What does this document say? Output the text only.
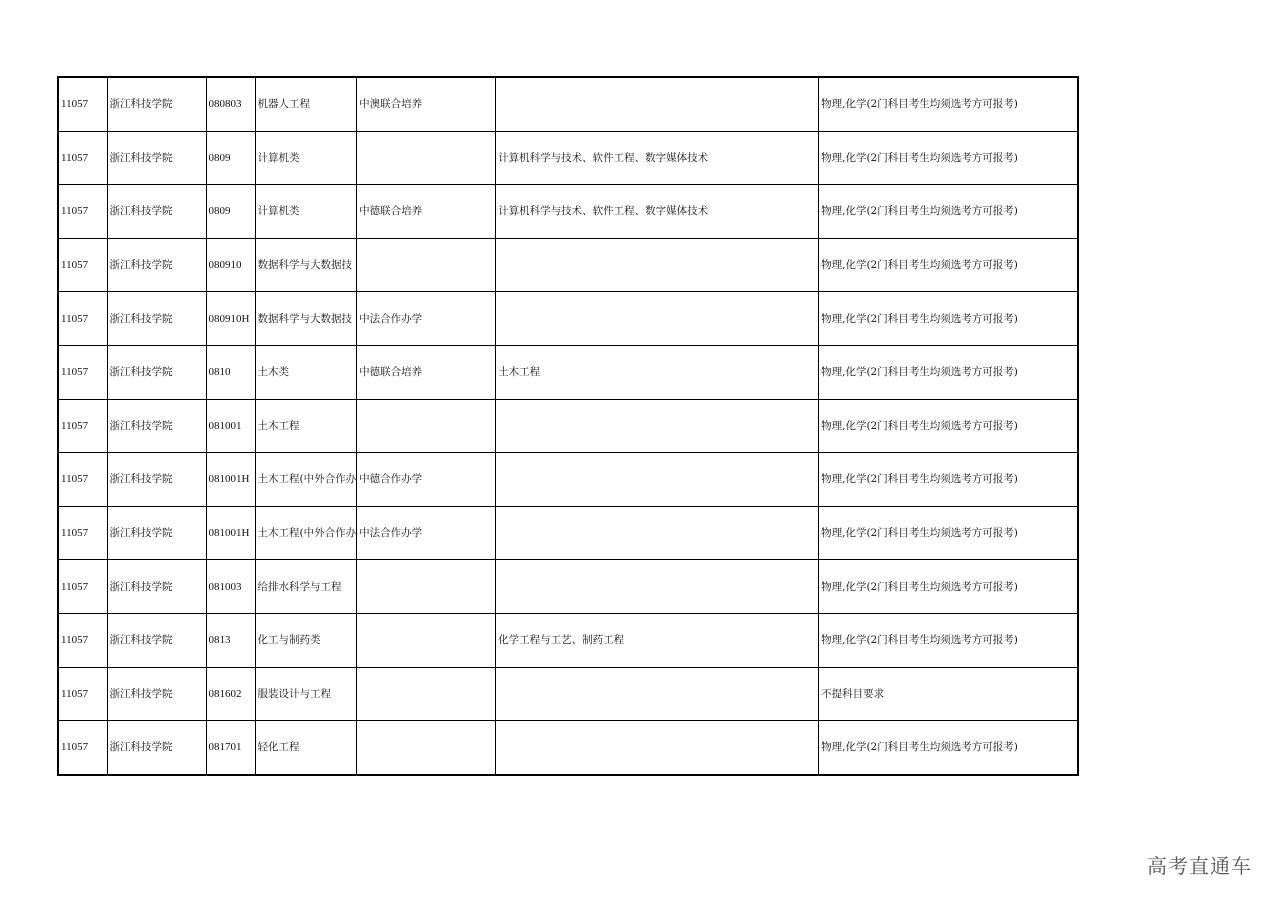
11057	浙江科技学院	080803	机器人工程	中澳联合培养		物理,化学(2门科目考生均须选考方可报考)
11057	浙江科技学院	0809	计算机类		计算机科学与技术、软件工程、数字媒体技术	物理,化学(2门科目考生均须选考方可报考)
11057	浙江科技学院	0809	计算机类	中德联合培养	计算机科学与技术、软件工程、数字媒体技术	物理,化学(2门科目考生均须选考方可报考)
11057	浙江科技学院	080910	数据科学与大数据技			物理,化学(2门科目考生均须选考方可报考)
11057	浙江科技学院	080910H	数据科学与大数据技	中法合作办学		物理,化学(2门科目考生均须选考方可报考)
11057	浙江科技学院	0810	土木类	中德联合培养	土木工程	物理,化学(2门科目考生均须选考方可报考)
11057	浙江科技学院	081001	土木工程			物理,化学(2门科目考生均须选考方可报考)
11057	浙江科技学院	081001H	土木工程(中外合作办	中德合作办学		物理,化学(2门科目考生均须选考方可报考)
11057	浙江科技学院	081001H	土木工程(中外合作办	中法合作办学		物理,化学(2门科目考生均须选考方可报考)
11057	浙江科技学院	081003	给排水科学与工程			物理,化学(2门科目考生均须选考方可报考)
11057	浙江科技学院	0813	化工与制药类		化学工程与工艺、制药工程	物理,化学(2门科目考生均须选考方可报考)
11057	浙江科技学院	081602	服装设计与工程			不提科目要求
11057	浙江科技学院	081701	轻化工程			物理,化学(2门科目考生均须选考方可报考)
高考直通车
